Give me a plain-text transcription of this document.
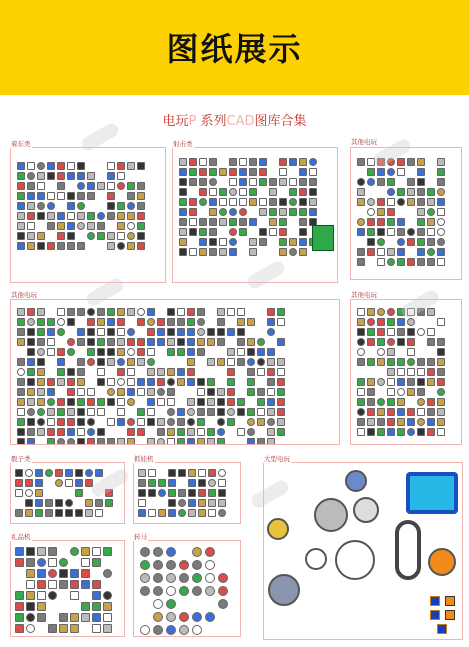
图纸展示
电玩P 系列CAD图库合集
着东类	射击类	其他电玩
其他电玩	其他电玩
骰子类	抓娃机	大型电玩
礼品机	转马
